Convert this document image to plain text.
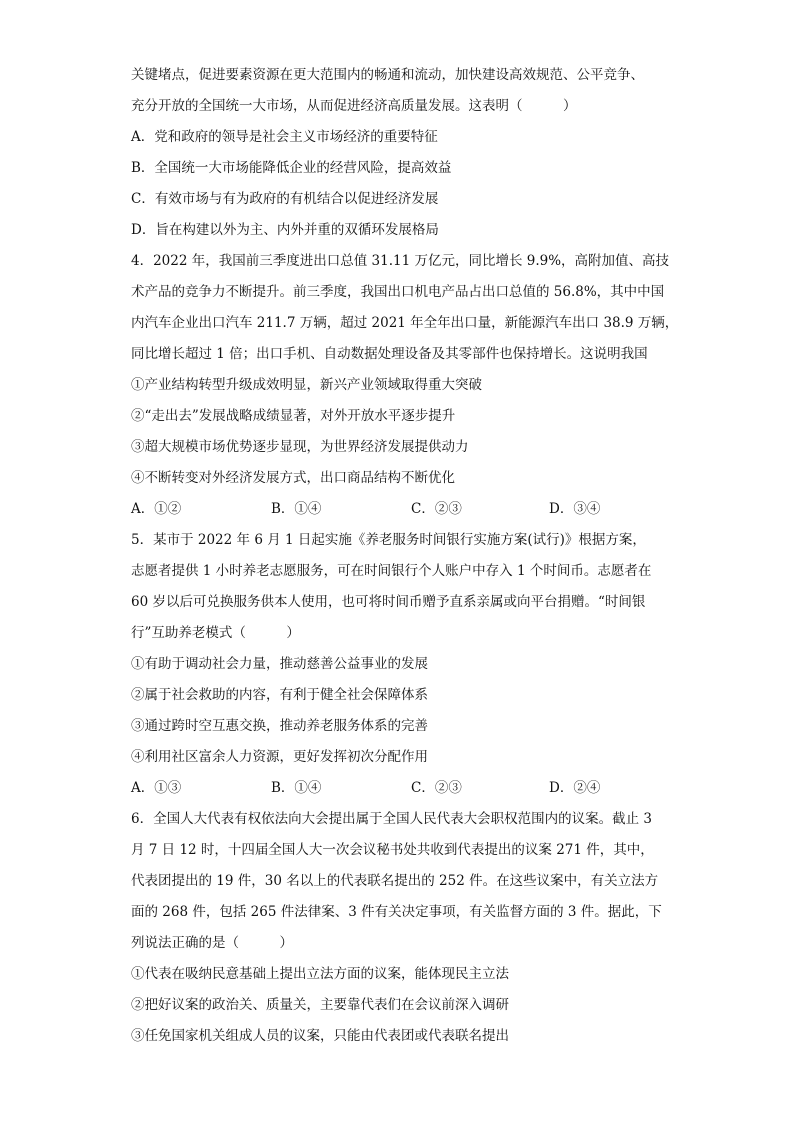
关键堵点，促进要素资源在更大范围内的畅通和流动，加快建设高效规范、公平竞争、
充分开放的全国统一大市场，从而促进经济高质量发展。这表明（　　　）
A．党和政府的领导是社会主义市场经济的重要特征
B．全国统一大市场能降低企业的经营风险，提高效益
C．有效市场与有为政府的有机结合以促进经济发展
D．旨在构建以外为主、内外并重的双循环发展格局
4．2022 年，我国前三季度进出口总值 31.11 万亿元，同比增长 9.9%，高附加值、高技
术产品的竞争力不断提升。前三季度，我国出口机电产品占出口总值的 56.8%，其中中国
内汽车企业出口汽车 211.7 万辆，超过 2021 年全年出口量，新能源汽车出口 38.9 万辆，
同比增长超过 1 倍；出口手机、自动数据处理设备及其零部件也保持增长。这说明我国
①产业结构转型升级成效明显，新兴产业领域取得重大突破
②“走出去”发展战略成绩显著，对外开放水平逐步提升
③超大规模市场优势逐步显现，为世界经济发展提供动力
④不断转变对外经济发展方式，出口商品结构不断优化
A．①②	B．①④	C．②③	D．③④
5．某市于 2022 年 6 月 1 日起实施《养老服务时间银行实施方案(试行)》根据方案，
志愿者提供 1 小时养老志愿服务，可在时间银行个人账户中存入 1 个时间币。志愿者在
60 岁以后可兑换服务供本人使用，也可将时间币赠予直系亲属或向平台捐赠。“时间银
行”互助养老模式（　　　）
①有助于调动社会力量，推动慈善公益事业的发展
②属于社会救助的内容，有利于健全社会保障体系
③通过跨时空互惠交换，推动养老服务体系的完善
④利用社区富余人力资源，更好发挥初次分配作用
A．①③	B．①④	C．②③	D．②④
6．全国人大代表有权依法向大会提出属于全国人民代表大会职权范围内的议案。截止 3
月 7 日 12 时，十四届全国人大一次会议秘书处共收到代表提出的议案 271 件，其中，
代表团提出的 19 件，30 名以上的代表联名提出的 252 件。在这些议案中，有关立法方
面的 268 件，包括 265 件法律案、3 件有关决定事项，有关监督方面的 3 件。据此，下
列说法正确的是（　　　）
①代表在吸纳民意基础上提出立法方面的议案，能体现民主立法
②把好议案的政治关、质量关，主要靠代表们在会议前深入调研
③任免国家机关组成人员的议案，只能由代表团或代表联名提出
